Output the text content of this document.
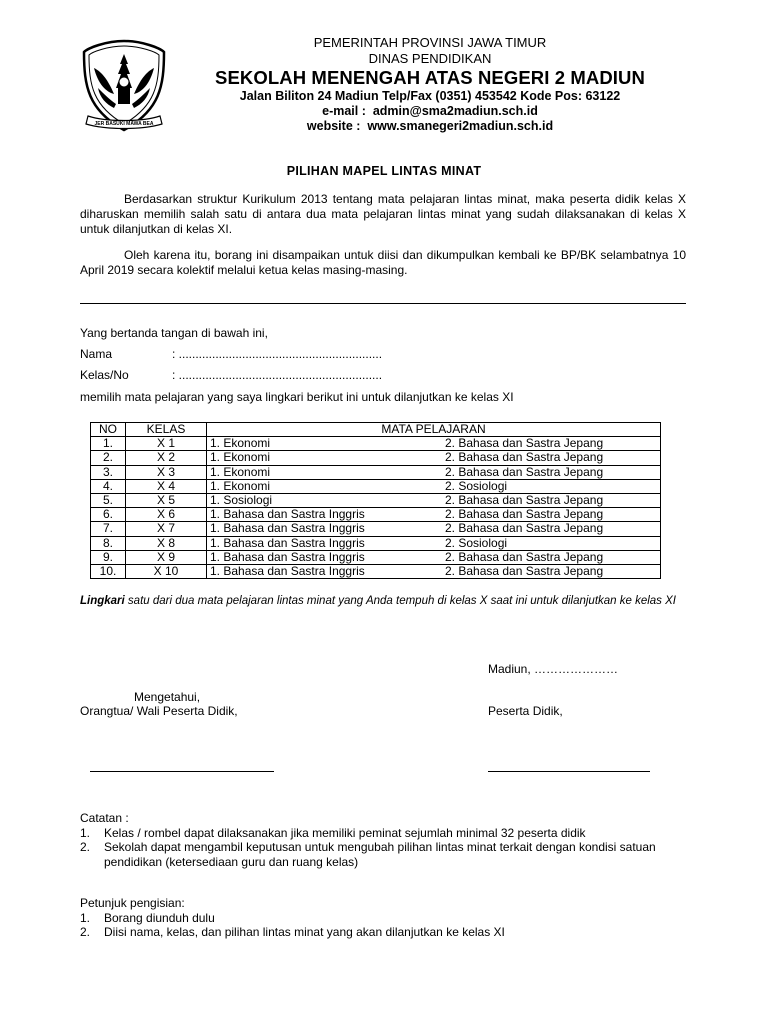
JER BASUKI MAWA BEA
PEMERINTAH PROVINSI JAWA TIMUR
DINAS PENDIDIKAN
SEKOLAH MENENGAH ATAS NEGERI 2 MADIUN
Jalan Biliton 24 Madiun Telp/Fax (0351) 453542 Kode Pos: 63122
e-mail : admin@sma2madiun.sch.id
website : www.smanegeri2madiun.sch.id
PILIHAN MAPEL LINTAS MINAT
Berdasarkan struktur Kurikulum 2013 tentang mata pelajaran lintas minat, maka peserta didik kelas X diharuskan memilih salah satu di antara dua mata pelajaran lintas minat yang sudah dilaksanakan di kelas X untuk dilanjutkan di kelas XI.
Oleh karena itu, borang ini disampaikan untuk diisi dan dikumpulkan kembali ke BP/BK selambatnya 10 April 2019 secara kolektif melalui ketua kelas masing-masing.
Yang bertanda tangan di bawah ini,
Nama	: .............................................................
Kelas/No	: .............................................................
memilih mata pelajaran yang saya lingkari berikut ini untuk dilanjutkan ke kelas XI
NO	KELAS	MATA PELAJARAN	
1.	X 1	1. Ekonomi	2. Bahasa dan Sastra Jepang
2.	X 2	1. Ekonomi	2. Bahasa dan Sastra Jepang
3.	X 3	1. Ekonomi	2. Bahasa dan Sastra Jepang
4.	X 4	1. Ekonomi	2. Sosiologi
5.	X 5	1. Sosiologi	2. Bahasa dan Sastra Jepang
6.	X 6	1. Bahasa dan Sastra Inggris	2. Bahasa dan Sastra Jepang
7.	X 7	1. Bahasa dan Sastra Inggris	2. Bahasa dan Sastra Jepang
8.	X 8	1. Bahasa dan Sastra Inggris	2. Sosiologi
9.	X 9	1. Bahasa dan Sastra Inggris	2. Bahasa dan Sastra Jepang
10.	X 10	1. Bahasa dan Sastra Inggris	2. Bahasa dan Sastra Jepang
Lingkari satu dari dua mata pelajaran lintas minat yang Anda tempuh di kelas X saat ini untuk dilanjutkan ke kelas XI
Madiun, …………………
Mengetahui,
Orangtua/ Wali Peserta Didik,	Peserta Didik,
Catatan :
1.	Kelas / rombel dapat dilaksanakan jika memiliki peminat sejumlah minimal 32 peserta didik
2.	Sekolah dapat mengambil keputusan untuk mengubah pilihan lintas minat terkait dengan kondisi satuan pendidikan (ketersediaan guru dan ruang kelas)
Petunjuk pengisian:
1.	Borang diunduh dulu
2.	Diisi nama, kelas, dan pilihan lintas minat yang akan dilanjutkan ke kelas XI
